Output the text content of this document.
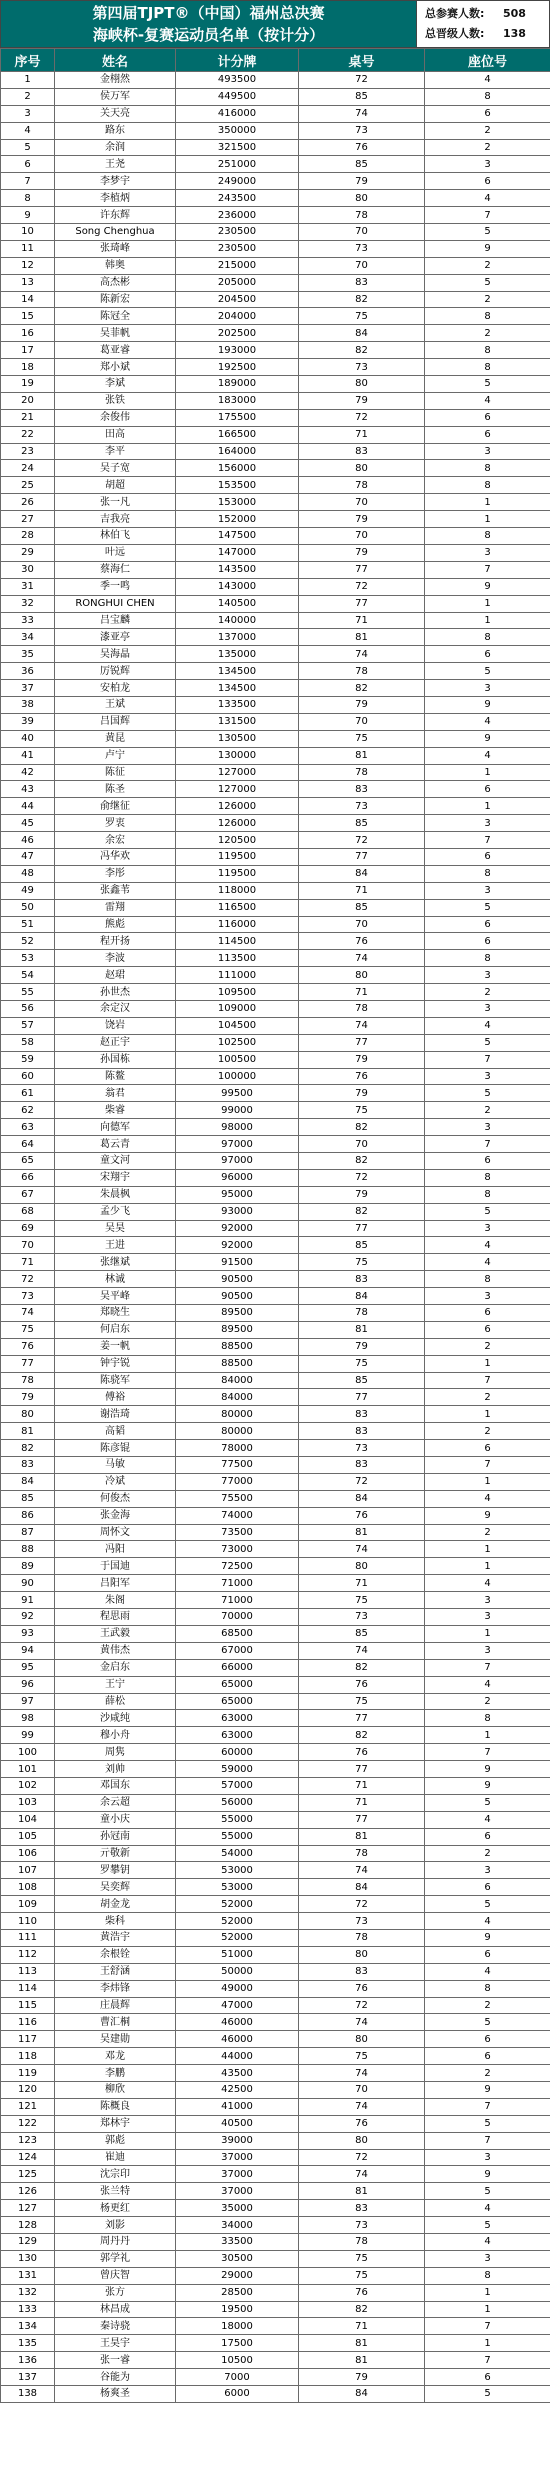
第四届TJPT®（中国）福州总决赛
海峡杯-复赛运动员名单（按计分）
总参赛人数:	508
总晋级人数:	138
序号	姓名	计分牌	桌号	座位号
1	金栩然	493500	72	4
2	侯万军	449500	85	8
3	关天亮	416000	74	6
4	路东	350000	73	2
5	余润	321500	76	2
6	王尧	251000	85	3
7	李梦宇	249000	79	6
8	李植炳	243500	80	4
9	许东辉	236000	78	7
10	Song Chenghua	230500	70	5
11	张琦峰	230500	73	9
12	韩奥	215000	70	2
13	高杰彬	205000	83	5
14	陈新宏	204500	82	2
15	陈冠全	204000	75	8
16	吴菲帆	202500	84	2
17	葛亚睿	193000	82	8
18	郑小斌	192500	73	8
19	李斌	189000	80	5
20	张铁	183000	79	4
21	余俊伟	175500	72	6
22	田高	166500	71	6
23	李平	164000	83	3
24	吴子宽	156000	80	8
25	胡超	153500	78	8
26	张一凡	153000	70	1
27	吉我亮	152000	79	1
28	林伯飞	147500	70	8
29	叶远	147000	79	3
30	蔡海仁	143500	77	7
31	季一鸣	143000	72	9
32	RONGHUI CHEN	140500	77	1
33	吕宝麟	140000	71	1
34	漆亚亭	137000	81	8
35	吴海晶	135000	74	6
36	厉锐辉	134500	78	5
37	安柏龙	134500	82	3
38	王斌	133500	79	9
39	吕国辉	131500	70	4
40	黄昆	130500	75	9
41	卢宁	130000	81	4
42	陈征	127000	78	1
43	陈圣	127000	83	6
44	俞继征	126000	73	1
45	罗衷	126000	85	3
46	余宏	120500	72	7
47	冯华欢	119500	77	6
48	李彤	119500	84	8
49	张鑫苇	118000	71	3
50	雷翔	116500	85	5
51	熊彪	116000	70	6
52	程开扬	114500	76	6
53	李波	113500	74	8
54	赵珺	111000	80	3
55	孙世杰	109500	71	2
56	余定汉	109000	78	3
57	饶岩	104500	74	4
58	赵正宇	102500	77	5
59	孙国栋	100500	79	7
60	陈鳌	100000	76	3
61	翁君	99500	79	5
62	柴睿	99000	75	2
63	向德军	98000	82	3
64	葛云青	97000	70	7
65	童文河	97000	82	6
66	宋翔宇	96000	72	8
67	朱晨枫	95000	79	8
68	孟少飞	93000	82	5
69	吴昊	92000	77	3
70	王进	92000	85	4
71	张继斌	91500	75	4
72	林诚	90500	83	8
73	吴平峰	90500	84	3
74	郑晓生	89500	78	6
75	何启东	89500	81	6
76	姜一帆	88500	79	2
77	钟宇锐	88500	75	1
78	陈骁军	84000	85	7
79	傅裕	84000	77	2
80	谢浩琦	80000	83	1
81	高韬	80000	83	2
82	陈彦锟	78000	73	6
83	马敏	77500	83	7
84	冷斌	77000	72	1
85	何俊杰	75500	84	4
86	张金海	74000	76	9
87	周怀文	73500	81	2
88	冯阳	73000	74	1
89	于国迪	72500	80	1
90	吕阳军	71000	71	4
91	朱阁	71000	75	3
92	程思雨	70000	73	3
93	王武毅	68500	85	1
94	黄伟杰	67000	74	3
95	金启东	66000	82	7
96	王宁	65000	76	4
97	薛松	65000	75	2
98	沙咸纯	63000	77	8
99	穆小舟	63000	82	1
100	周隽	60000	76	7
101	刘帅	59000	77	9
102	邓国东	57000	71	9
103	余云超	56000	71	5
104	童小庆	55000	77	4
105	孙冠南	55000	81	6
106	亓敬新	54000	78	2
107	罗攀钥	53000	74	3
108	吴奕辉	53000	84	6
109	胡金龙	52000	72	5
110	柴科	52000	73	4
111	黄浩宇	52000	78	9
112	余根铨	51000	80	6
113	王舒涵	50000	83	4
114	李炜锋	49000	76	8
115	庄晨辉	47000	72	2
116	曹汇桐	46000	74	5
117	吴建勋	46000	80	6
118	邓龙	44000	75	6
119	李鹏	43500	74	2
120	柳欣	42500	70	9
121	陈概良	41000	74	7
122	郑林宇	40500	76	5
123	郭彪	39000	80	7
124	崔迪	37000	72	3
125	沈宗印	37000	74	9
126	张兰特	37000	81	5
127	杨更红	35000	83	4
128	刘影	34000	73	5
129	周丹丹	33500	78	4
130	郭学礼	30500	75	3
131	曾庆智	29000	75	8
132	张方	28500	76	1
133	林昌成	19500	82	1
134	秦诗骁	18000	71	7
135	王昊宇	17500	81	1
136	张一睿	10500	81	7
137	谷能为	7000	79	6
138	杨爽圣	6000	84	5
